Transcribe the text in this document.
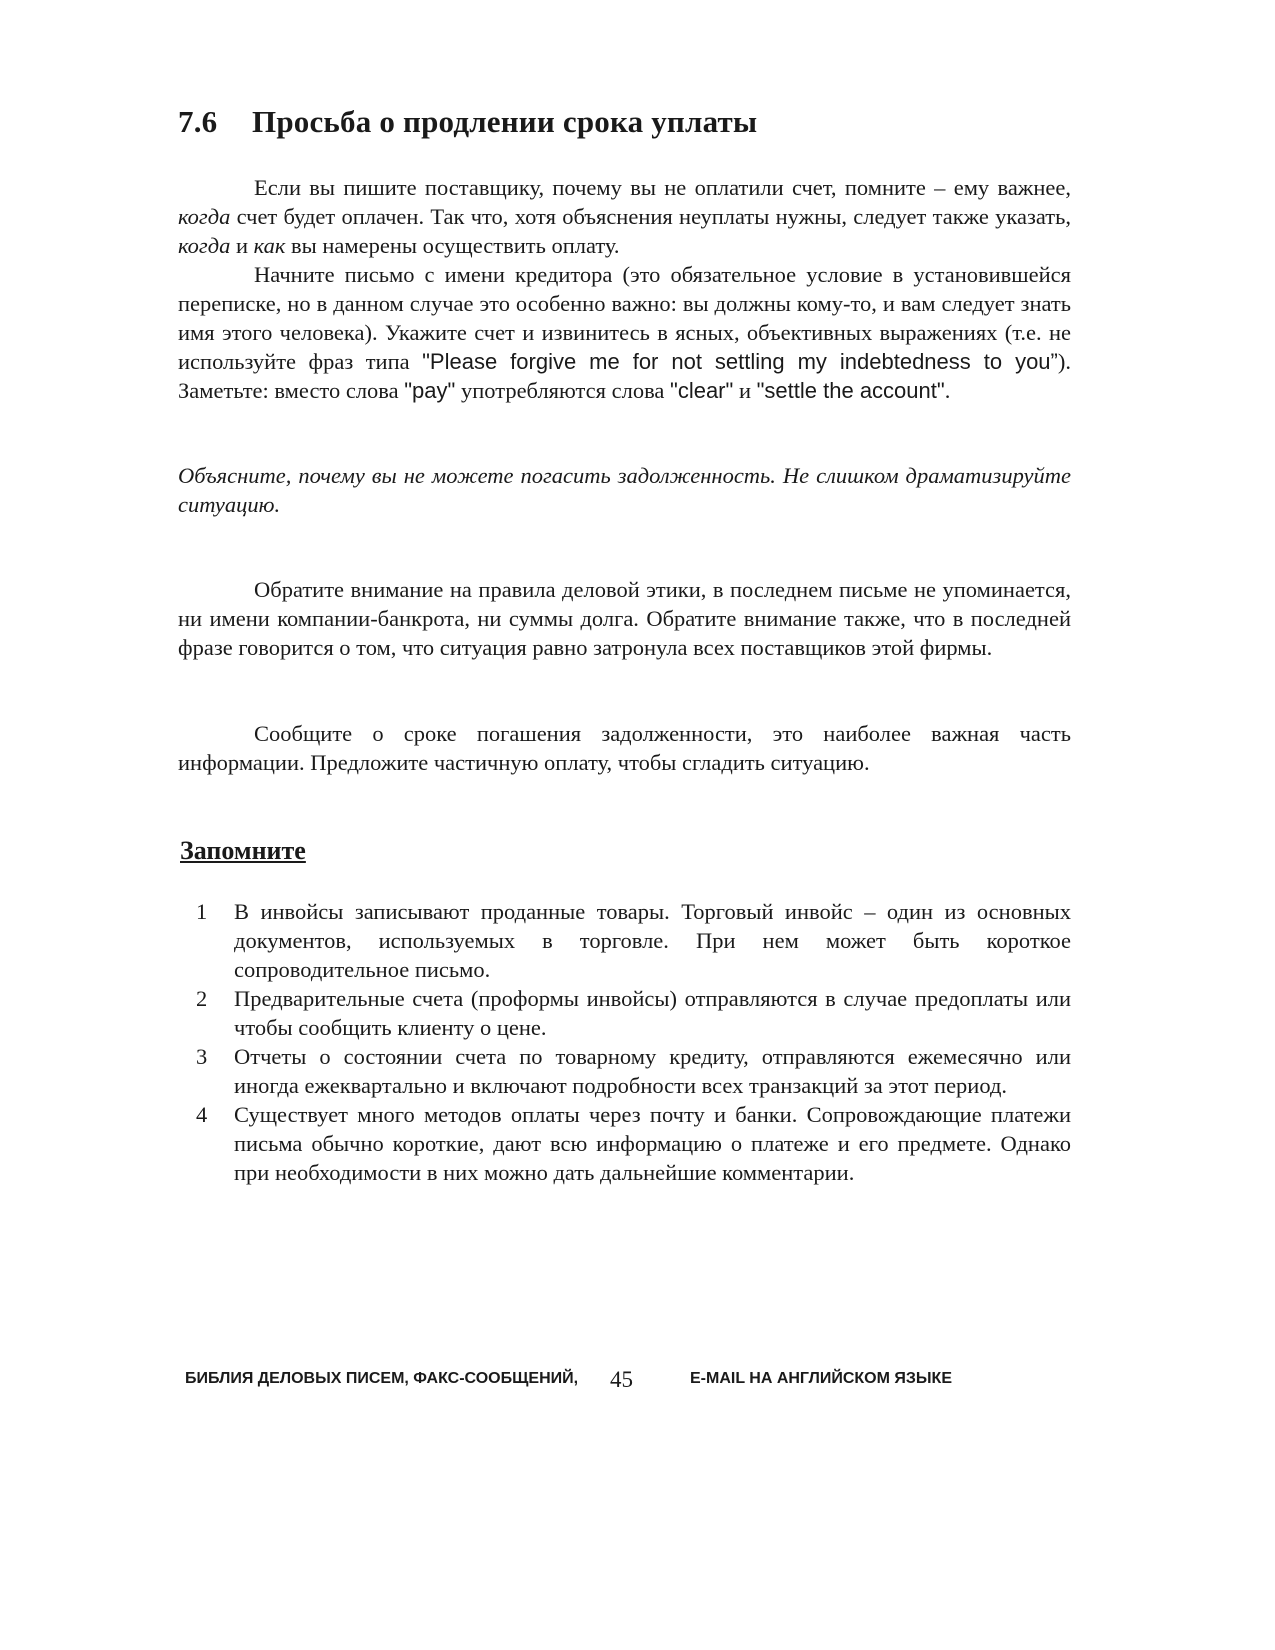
7.6 Просьба о продлении срока уплаты

Если вы пишите поставщику, почему вы не оплатили счет, помните – ему важнее, когда счет будет оплачен. Так что, хотя объяснения неуплаты нужны, следует также указать, когда и как вы намерены осуществить оплату.

Начните письмо с имени кредитора (это обязательное условие в установившейся переписке, но в данном случае это особенно важно: вы должны кому-то, и вам следует знать имя этого человека). Укажите счет и извинитесь в ясных, объективных выражениях (т.е. не используйте фраз типа "Please forgive me for not settling my indebtedness to you”). Заметьте: вместо слова "pay" употребляются слова "clear" и "settle the account".

Объясните, почему вы не можете погасить задолженность. Не слишком драматизируйте ситуацию.

Обратите внимание на правила деловой этики, в последнем письме не упоминается, ни имени компании-банкрота, ни суммы долга. Обратите внимание также, что в последней фразе говорится о том, что ситуация равно затронула всех поставщиков этой фирмы.

Сообщите о сроке погашения задолженности, это наиболее важная часть информации. Предложите частичную оплату, чтобы сгладить ситуацию.

Запомните
1 В инвойсы записывают проданные товары. Торговый инвойс – один из основных документов, используемых в торговле. При нем может быть короткое сопроводительное письмо.
2 Предварительные счета (проформы инвойсы) отправляются в случае предоплаты или чтобы сообщить клиенту о цене.
3 Отчеты о состоянии счета по товарному кредиту, отправляются ежемесячно или иногда ежеквартально и включают подробности всех транзакций за этот период.
4 Существует много методов оплаты через почту и банки. Сопровождающие платежи письма обычно короткие, дают всю информацию о платеже и его предмете. Однако при необходимости в них можно дать дальнейшие комментарии.
БИБЛИЯ ДЕЛОВЫХ ПИСЕМ, ФАКС-СООБЩЕНИЙ, 45	E-MAIL НА АНГЛИЙСКОМ ЯЗЫКЕ
